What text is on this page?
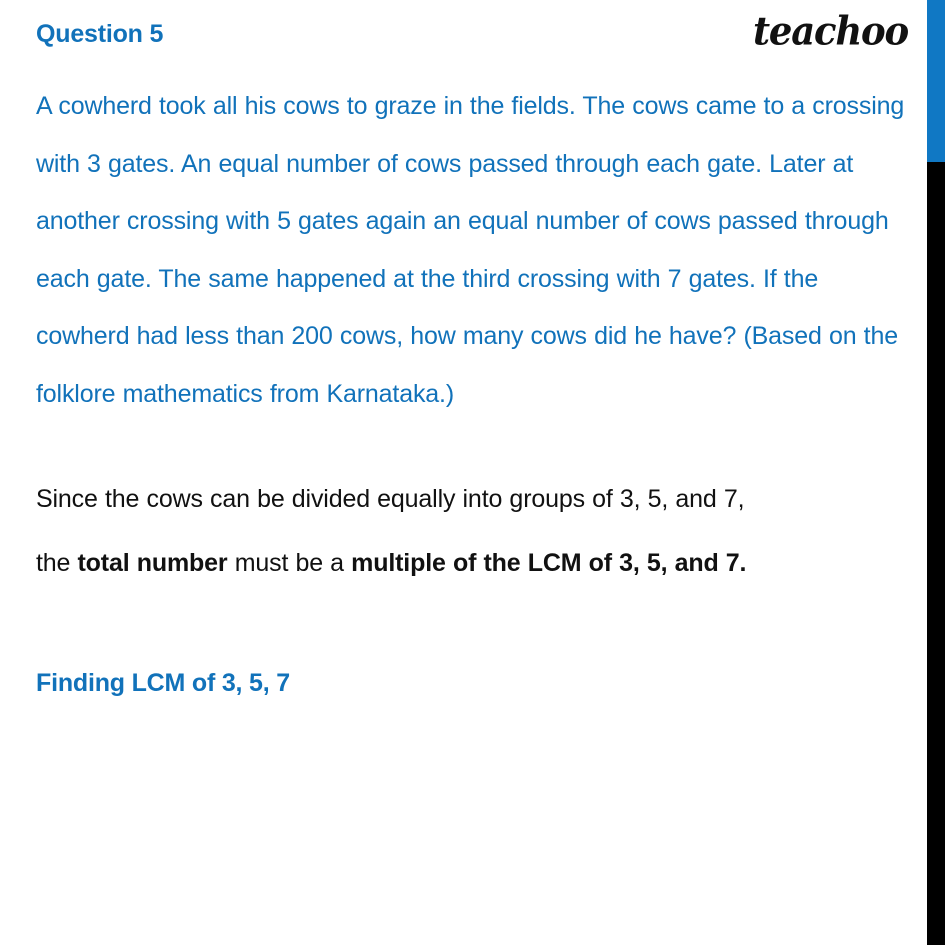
Question 5	teachoo
A cowherd took all his cows to graze in the fields. The cows came to a crossing with 3 gates. An equal number of cows passed through each gate. Later at another crossing with 5 gates again an equal number of cows passed through each gate. The same happened at the third crossing with 7 gates. If the cowherd had less than 200 cows, how many cows did he have? (Based on the folklore mathematics from Karnataka.)
Since the cows can be divided equally into groups of 3, 5, and 7,
the total number must be a multiple of the LCM of 3, 5, and 7.
Finding LCM of 3, 5, 7
